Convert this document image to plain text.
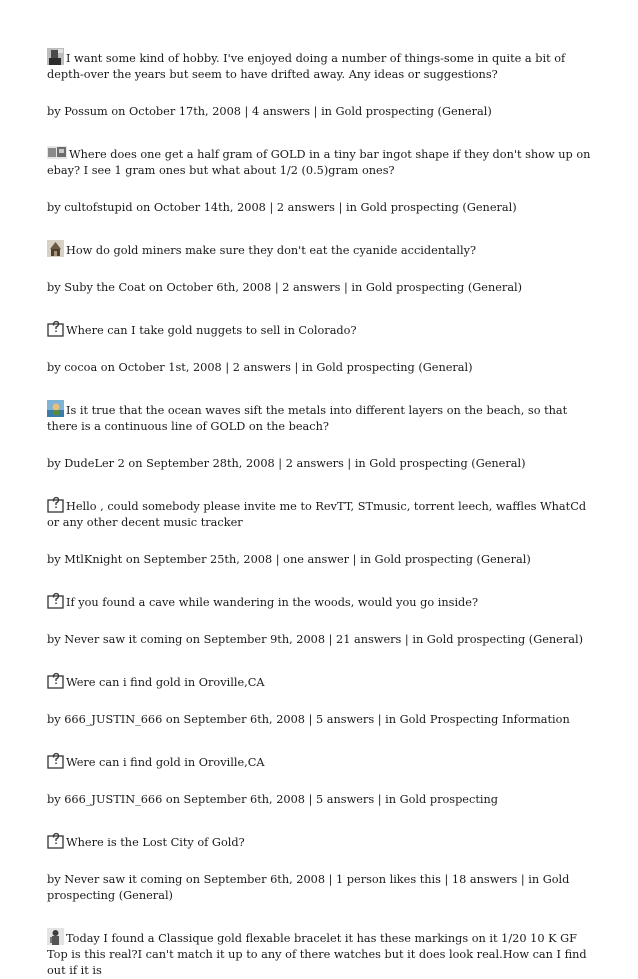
I want some kind of hobby. I've enjoyed doing a number of things-some in quite a bit of depth-over the years but seem to have drifted away. Any ideas or suggestions?

by Possum on October 17th, 2008 | 4 answers | in Gold prospecting (General)

Where does one get a half gram of GOLD in a tiny bar ingot shape if they don't show up on ebay? I see 1 gram ones but what about 1/2 (0.5)gram ones?

by cultofstupid on October 14th, 2008 | 2 answers | in Gold prospecting (General)

How do gold miners make sure they don't eat the cyanide accidentally?

by Suby the Coat on October 6th, 2008 | 2 answers | in Gold prospecting (General)

Where can I take gold nuggets to sell in Colorado?

by cocoa on October 1st, 2008 | 2 answers | in Gold prospecting (General)

Is it true that the ocean waves sift the metals into different layers on the beach, so that there is a continuous line of GOLD on the beach?

by DudeLer 2 on September 28th, 2008 | 2 answers | in Gold prospecting (General)

Hello , could somebody please invite me to RevTT, STmusic, torrent leech, waffles WhatCd or any other decent music tracker

by MtlKnight on September 25th, 2008 | one answer | in Gold prospecting (General)

If you found a cave while wandering in the woods, would you go inside?

by Never saw it coming on September 9th, 2008 | 21 answers | in Gold prospecting (General)

Were can i find gold in Oroville,CA

by 666_JUSTIN_666 on September 6th, 2008 | 5 answers | in Gold Prospecting Information

Were can i find gold in Oroville,CA

by 666_JUSTIN_666 on September 6th, 2008 | 5 answers | in Gold prospecting

Where is the Lost City of Gold?

by Never saw it coming on September 6th, 2008 | 1 person likes this | 18 answers | in Gold prospecting (General)

Today I found a Classique gold flexable bracelet it has these markings on it 1/20 10 K GF Top is this real?I can't match it up to any of there watches but it does look real.How can I find out if it is
